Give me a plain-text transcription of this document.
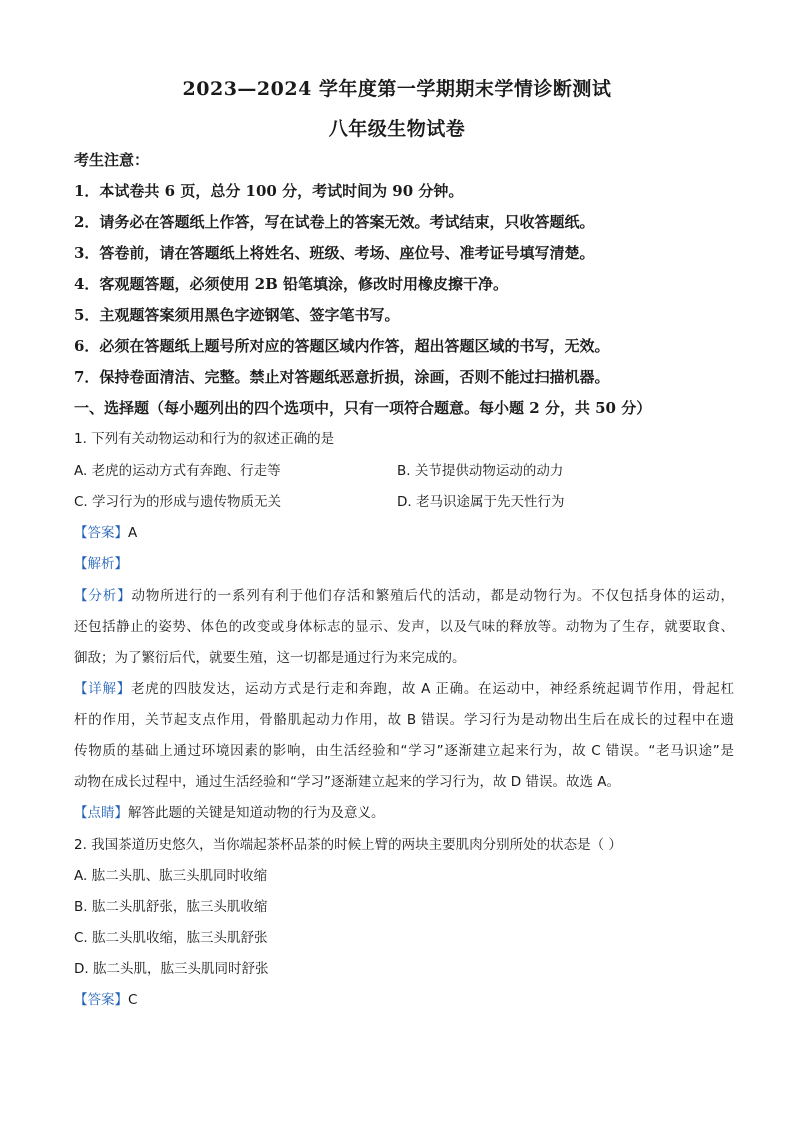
2023—2024 学年度第一学期期末学情诊断测试
八年级生物试卷
考生注意：
1．本试卷共 6 页，总分 100 分，考试时间为 90 分钟。
2．请务必在答题纸上作答，写在试卷上的答案无效。考试结束，只收答题纸。
3．答卷前，请在答题纸上将姓名、班级、考场、座位号、准考证号填写清楚。
4．客观题答题，必须使用 2B 铅笔填涂，修改时用橡皮擦干净。
5．主观题答案须用黑色字迹钢笔、签字笔书写。
6．必须在答题纸上题号所对应的答题区域内作答，超出答题区域的书写，无效。
7．保持卷面清洁、完整。禁止对答题纸恶意折损，涂画，否则不能过扫描机器。
一、选择题（每小题列出的四个选项中，只有一项符合题意。每小题 2 分，共 50 分）
1. 下列有关动物运动和行为的叙述正确的是
A. 老虎的运动方式有奔跑、行走等	B. 关节提供动物运动的动力
C. 学习行为的形成与遗传物质无关	D. 老马识途属于先天性行为
【答案】A
【解析】
【分析】动物所进行的一系列有利于他们存活和繁殖后代的活动，都是动物行为。不仅包括身体的运动，
还包括静止的姿势、体色的改变或身体标志的显示、发声，以及气味的释放等。动物为了生存，就要取食、
御敌；为了繁衍后代，就要生殖，这一切都是通过行为来完成的。
【详解】老虎的四肢发达，运动方式是行走和奔跑，故 A 正确。在运动中，神经系统起调节作用，骨起杠
杆的作用，关节起支点作用，骨骼肌起动力作用，故 B 错误。学习行为是动物出生后在成长的过程中在遗
传物质的基础上通过环境因素的影响，由生活经验和“学习”逐渐建立起来行为，故 C 错误。“老马识途”是
动物在成长过程中，通过生活经验和“学习”逐渐建立起来的学习行为，故 D 错误。故选 A。
【点睛】解答此题的关键是知道动物的行为及意义。
2. 我国茶道历史悠久，当你端起茶杯品茶的时候上臂的两块主要肌肉分别所处的状态是（ ）
A. 肱二头肌、肱三头肌同时收缩
B. 肱二头肌舒张，肱三头肌收缩
C. 肱二头肌收缩，肱三头肌舒张
D. 肱二头肌，肱三头肌同时舒张
【答案】C
